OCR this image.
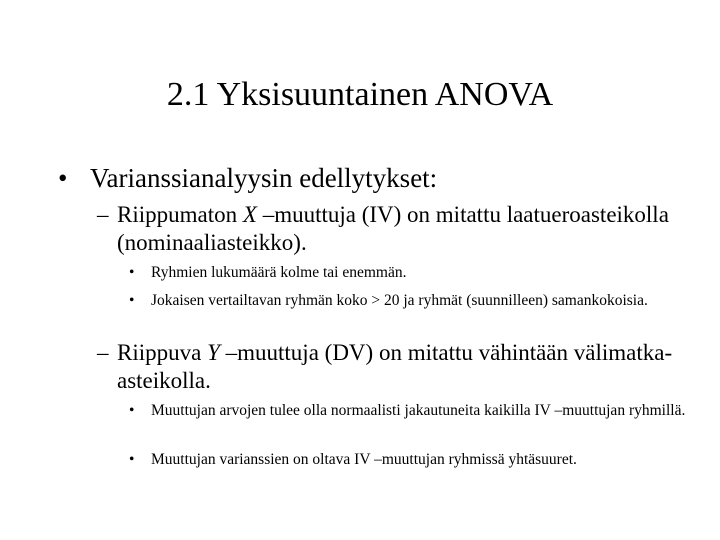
2.1 Yksisuuntainen ANOVA
• Varianssianalyysin edellytykset:
– Riippumaton X –muuttuja (IV) on mitattu laatueroasteikolla (nominaaliasteikko).
• Ryhmien lukumäärä kolme tai enemmän.
• Jokaisen vertailtavan ryhmän koko > 20 ja ryhmät (suunnilleen) samankokoisia.
– Riippuva Y –muuttuja (DV) on mitattu vähintään välimatka-asteikolla.
• Muuttujan arvojen tulee olla normaalisti jakautuneita kaikilla IV –muuttujan ryhmillä.
• Muuttujan varianssien on oltava IV –muuttujan ryhmissä yhtäsuuret.
